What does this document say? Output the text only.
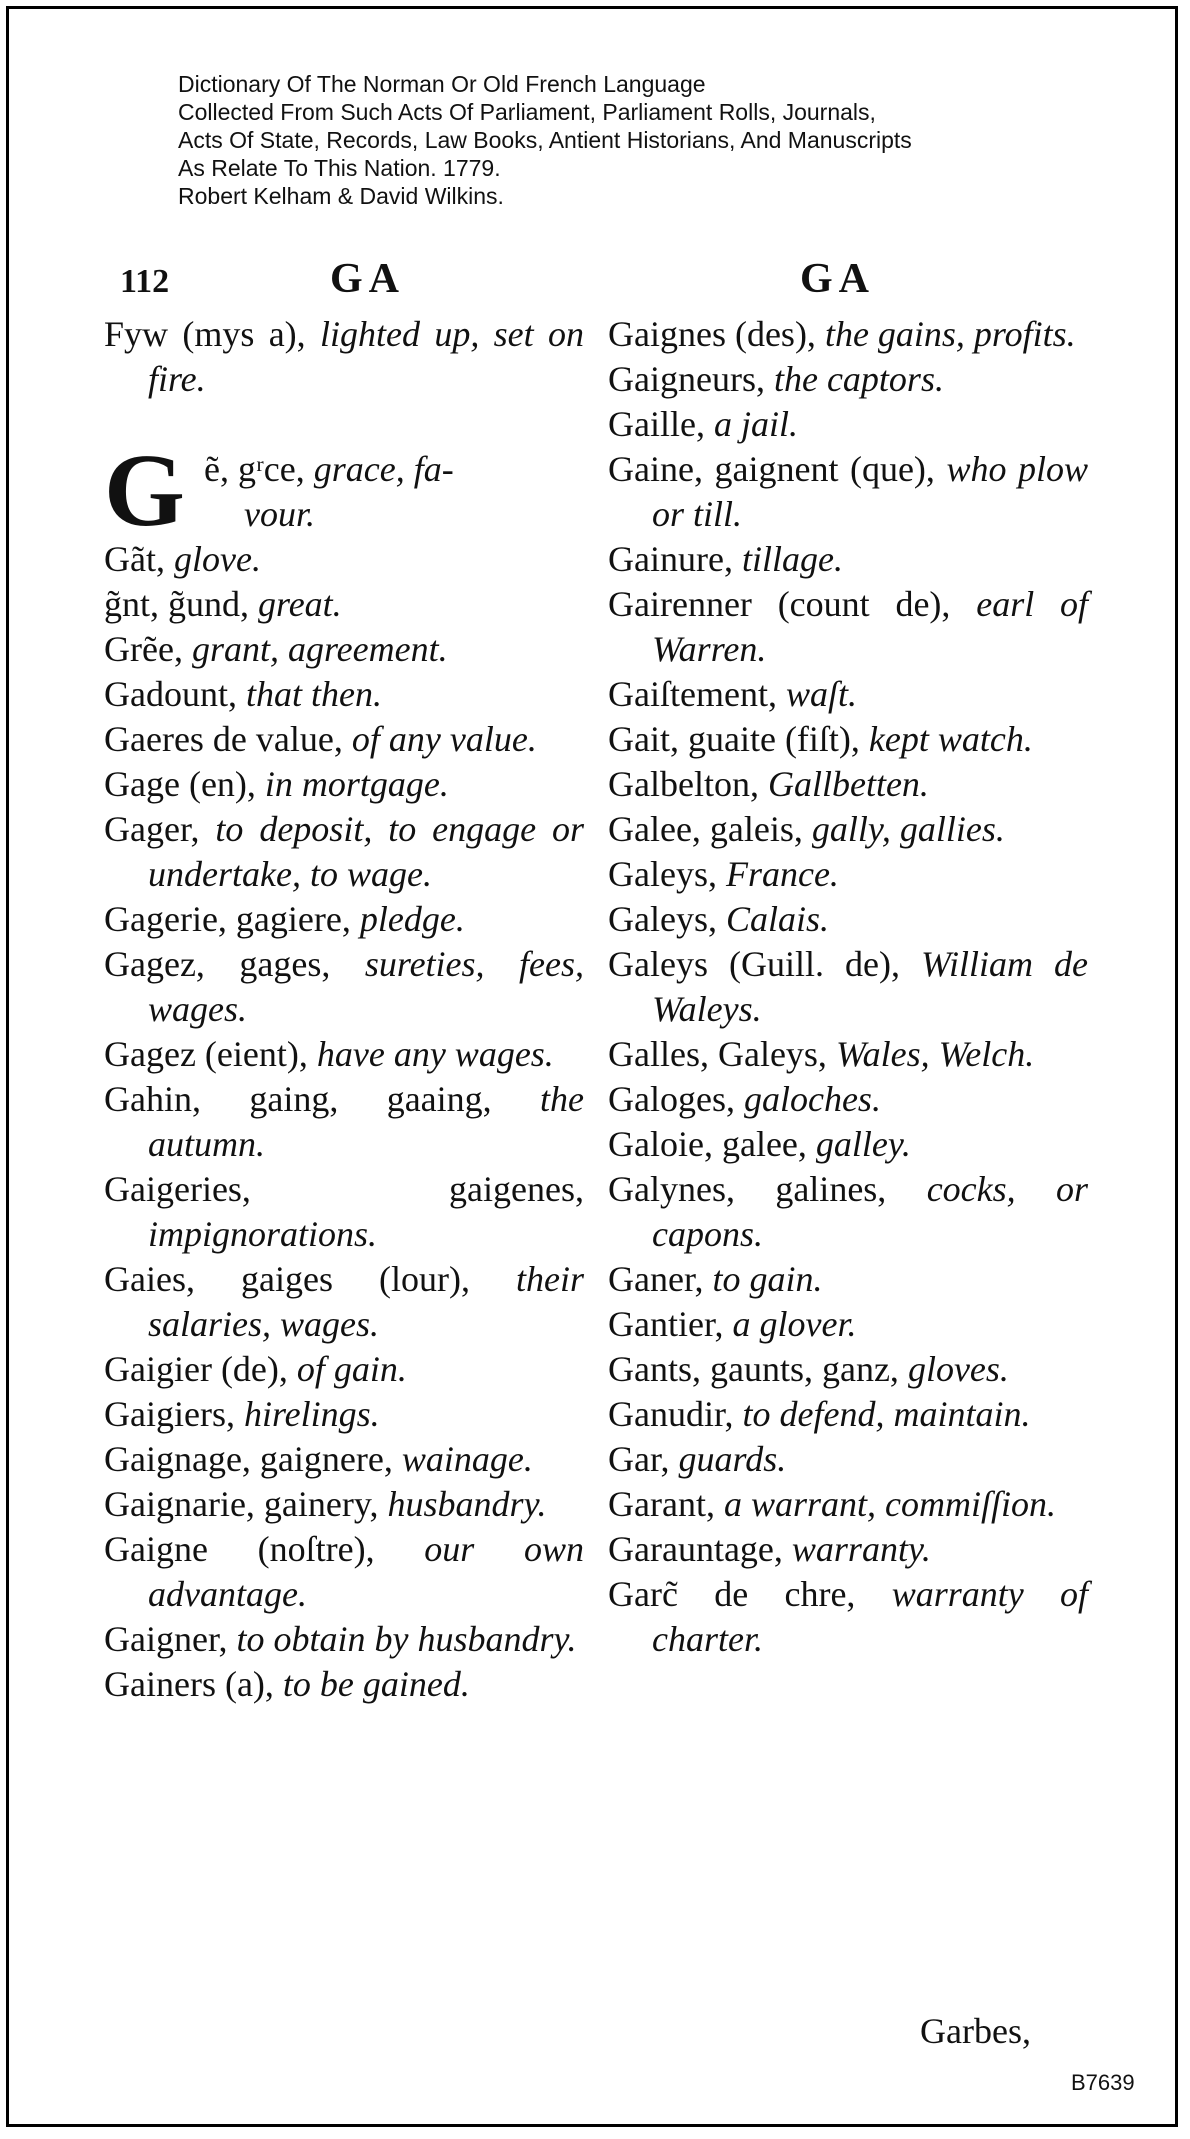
Dictionary Of The Norman Or Old French Language
Collected From Such Acts Of Parliament, Parliament Rolls, Journals,
Acts Of State, Records, Law Books, Antient Historians, And Manuscripts
As Relate To This Nation. 1779.
Robert Kelham & David Wilkins.
112	GA	GA

Fyw (mys a), lighted up, set on fire.

G ẽ, gʳce, grace, fa-
vour.

Gãt, glove.

g̃nt, g̃und, great.

Grẽe, grant, agreement.

Gadount, that then.

Gaeres de value, of any value.

Gage (en), in mortgage.

Gager, to deposit, to engage or undertake, to wage.

Gagerie, gagiere, pledge.

Gagez, gages, sureties, fees, wages.

Gagez (eient), have any wages.

Gahin, gaing, gaaing, the autumn.

Gaigeries, gaigenes, impignorations.

Gaies, gaiges (lour), their salaries, wages.

Gaigier (de), of gain.

Gaigiers, hirelings.

Gaignage, gaignere, wainage.

Gaignarie, gainery, husbandry.

Gaigne (noſtre), our own advantage.

Gaigner, to obtain by husbandry.

Gainers (a), to be gained.

Gaignes (des), the gains, profits.

Gaigneurs, the captors.

Gaille, a jail.

Gaine, gaignent (que), who plow or till.

Gainure, tillage.

Gairenner (count de), earl of Warren.

Gaiſtement, waſt.

Gait, guaite (fiſt), kept watch.

Galbelton, Gallbetten.

Galee, galeis, gally, gallies.

Galeys, France.

Galeys, Calais.

Galeys (Guill. de), William de Waleys.

Galles, Galeys, Wales, Welch.

Galoges, galoches.

Galoie, galee, galley.

Galynes, galines, cocks, or capons.

Ganer, to gain.

Gantier, a glover.

Gants, gaunts, ganz, gloves.

Ganudir, to defend, maintain.

Gar, guards.

Garant, a warrant, commiſſion.

Garauntage, warranty.

Garc̃ de chre, warranty of charter.

Garbes,
B7639
